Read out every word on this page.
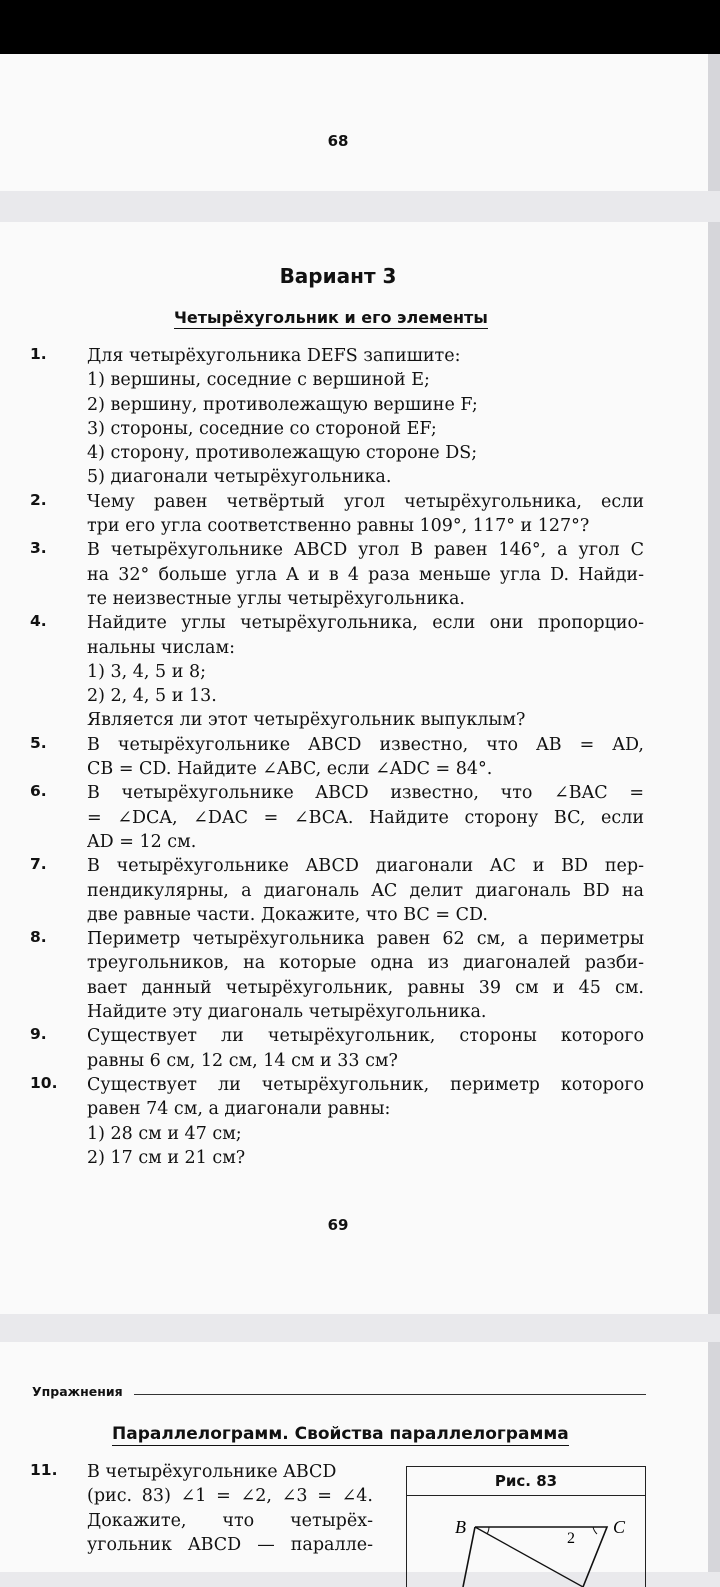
68
Вариант 3
Четырёхугольник и его элементы
1. Для четырёхугольника DEFS запишите:
1) вершины, соседние с вершиной E;
2) вершину, противолежащую вершине F;
3) стороны, соседние со стороной EF;
4) сторону, противолежащую стороне DS;
5) диагонали четырёхугольника.
2. Чему равен четвёртый угол четырёхугольника, если
три его угла соответственно равны 109°, 117° и 127°?
3. В четырёхугольнике ABCD угол B равен 146°, а угол C
на 32° больше угла A и в 4 раза меньше угла D. Найди-
те неизвестные углы четырёхугольника.
4. Найдите углы четырёхугольника, если они пропорцио-
нальны числам:
1) 3, 4, 5 и 8;
2) 2, 4, 5 и 13.
Является ли этот четырёхугольник выпуклым?
5. В четырёхугольнике ABCD известно, что AB = AD,
CB = CD. Найдите ∠ABC, если ∠ADC = 84°.
6. В четырёхугольнике ABCD известно, что ∠BAC =
= ∠DCA, ∠DAC = ∠BCA. Найдите сторону BC, если
AD = 12 см.
7. В четырёхугольнике ABCD диагонали AC и BD пер-
пендикулярны, а диагональ AC делит диагональ BD на
две равные части. Докажите, что BC = CD.
8. Периметр четырёхугольника равен 62 см, а периметры
треугольников, на которые одна из диагоналей разби-
вает данный четырёхугольник, равны 39 см и 45 см.
Найдите эту диагональ четырёхугольника.
9. Существует ли четырёхугольник, стороны которого
равны 6 см, 12 см, 14 см и 33 см?
10. Существует ли четырёхугольник, периметр которого
равен 74 см, а диагонали равны:
1) 28 см и 47 см;
2) 17 см и 21 см?
69
Упражнения
Параллелограмм. Свойства параллелограмма
11. В четырёхугольнике ABCD
(рис. 83) ∠1 = ∠2, ∠3 = ∠4.
Докажите, что четырёх-
угольник ABCD — паралле-
Рис. 83
B	C
2
